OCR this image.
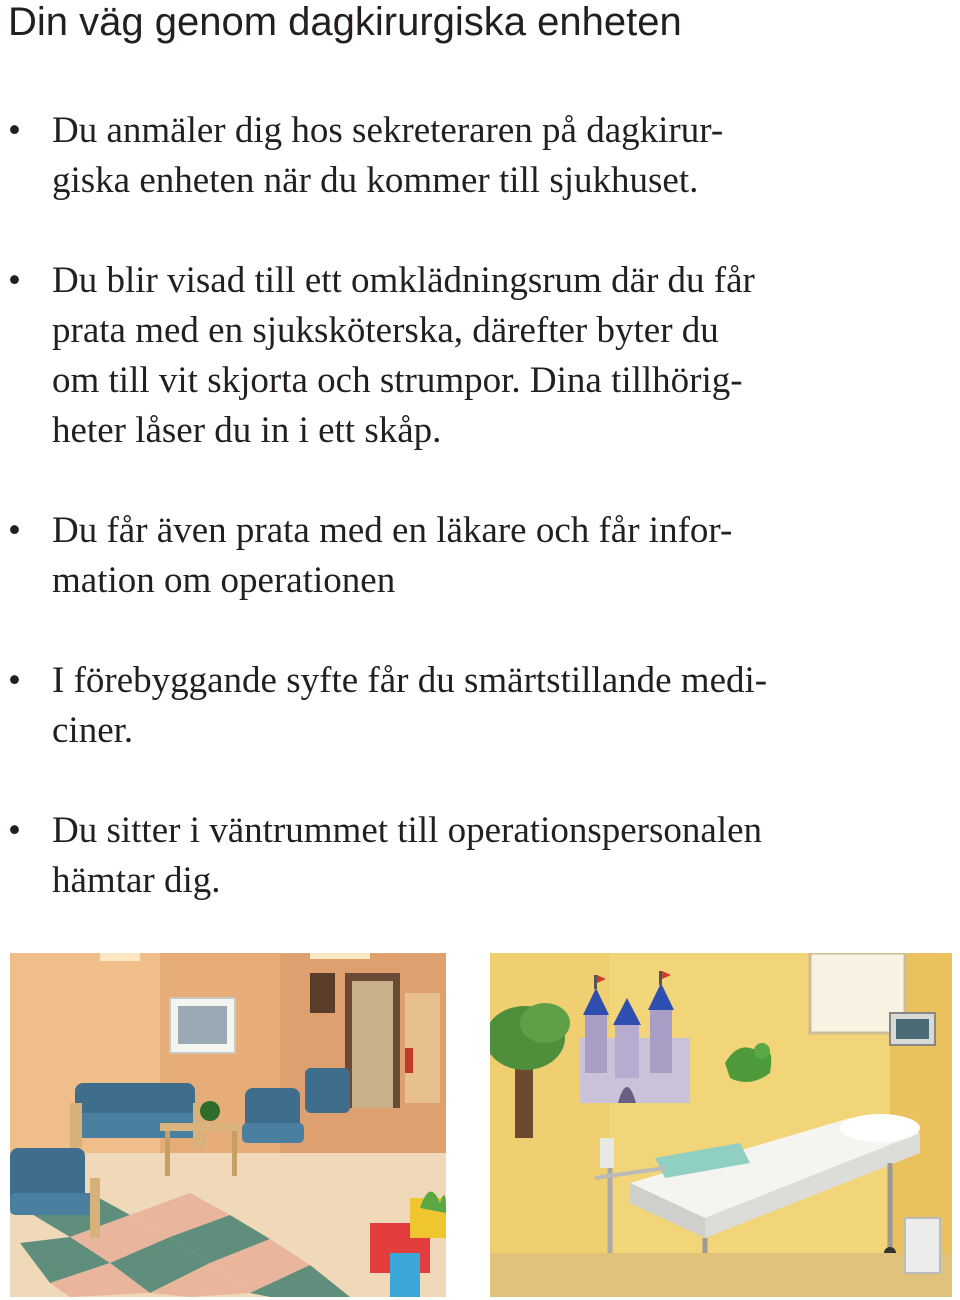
Din väg genom dagkirurgiska enheten
• Du anmäler dig hos sekreteraren på dagkirur-
giska enheten när du kommer till sjukhuset.
• Du blir visad till ett omklädningsrum där du får
prata med en sjuksköterska, därefter byter du
om till vit skjorta och strumpor. Dina tillhörig-
heter låser du in i ett skåp.
• Du får även prata med en läkare och får infor-
mation om operationen
• I förebyggande syfte får du smärtstillande medi-
ciner.
• Du sitter i väntrummet till operationspersonalen
hämtar dig.
